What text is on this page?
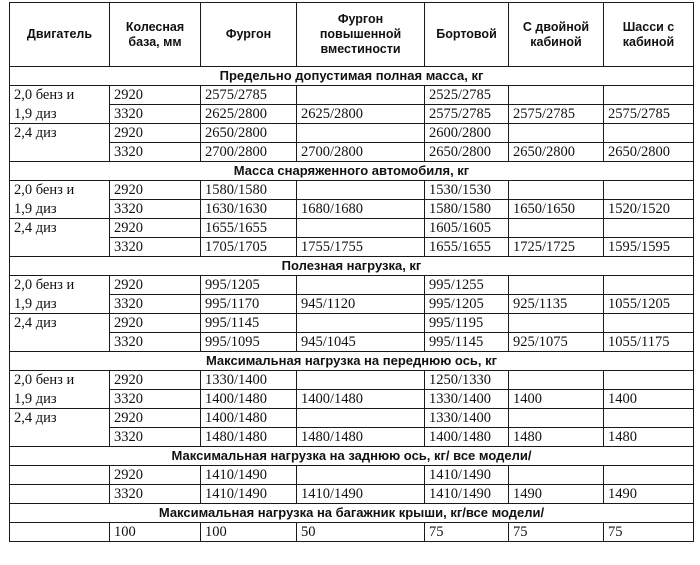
Двигатель	Колесная база, мм	Фургон	Фургон повышенной вместиности	Бортовой	С двойной кабиной	Шасси с кабиной
Предельно допустимая полная масса, кг						
2,0 бенз и	2920	2575/2785		2525/2785		
1,9 диз	3320	2625/2800	2625/2800	2575/2785	2575/2785	2575/2785
2,4 диз	2920	2650/2800		2600/2800		
	3320	2700/2800	2700/2800	2650/2800	2650/2800	2650/2800
Масса снаряженного автомобиля, кг						
2,0 бенз и	2920	1580/1580		1530/1530		
1,9 диз	3320	1630/1630	1680/1680	1580/1580	1650/1650	1520/1520
2,4 диз	2920	1655/1655		1605/1605		
	3320	1705/1705	1755/1755	1655/1655	1725/1725	1595/1595
Полезная нагрузка, кг						
2,0 бенз и	2920	995/1205		995/1255		
1,9 диз	3320	995/1170	945/1120	995/1205	925/1135	1055/1205
2,4 диз	2920	995/1145		995/1195		
	3320	995/1095	945/1045	995/1145	925/1075	1055/1175
Максимальная нагрузка на переднюю ось, кг						
2,0 бенз и	2920	1330/1400		1250/1330		
1,9 диз	3320	1400/1480	1400/1480	1330/1400	1400	1400
2,4 диз	2920	1400/1480		1330/1400		
	3320	1480/1480	1480/1480	1400/1480	1480	1480
Максимальная нагрузка на заднюю ось, кг/ все модели/						
	2920	1410/1490		1410/1490		
	3320	1410/1490	1410/1490	1410/1490	1490	1490
Максимальная нагрузка на багажник крыши, кг/все модели/						
	100	100	50	75	75	75
